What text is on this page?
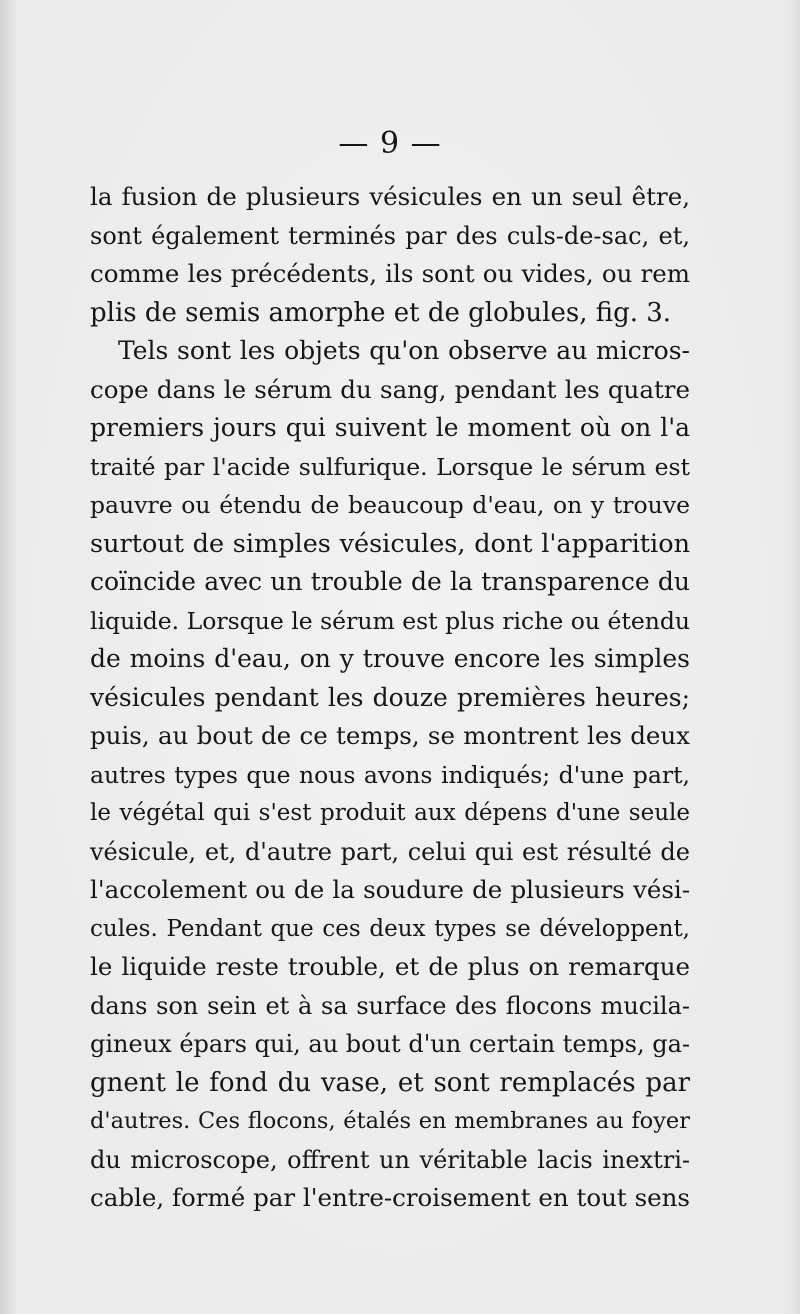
— 9 —
la fusion de plusieurs vésicules en un seul être,
sont également terminés par des culs-de-sac, et,
comme les précédents, ils sont ou vides, ou rem
plis de semis amorphe et de globules, fig. 3.
Tels sont les objets qu'on observe au micros-
cope dans le sérum du sang, pendant les quatre
premiers jours qui suivent le moment où on l'a
traité par l'acide sulfurique. Lorsque le sérum est
pauvre ou étendu de beaucoup d'eau, on y trouve
surtout de simples vésicules, dont l'apparition
coïncide avec un trouble de la transparence du
liquide. Lorsque le sérum est plus riche ou étendu
de moins d'eau, on y trouve encore les simples
vésicules pendant les douze premières heures;
puis, au bout de ce temps, se montrent les deux
autres types que nous avons indiqués; d'une part,
le végétal qui s'est produit aux dépens d'une seule
vésicule, et, d'autre part, celui qui est résulté de
l'accolement ou de la soudure de plusieurs vési-
cules. Pendant que ces deux types se développent,
le liquide reste trouble, et de plus on remarque
dans son sein et à sa surface des flocons mucila-
gineux épars qui, au bout d'un certain temps, ga-
gnent le fond du vase, et sont remplacés par
d'autres. Ces flocons, étalés en membranes au foyer
du microscope, offrent un véritable lacis inextri-
cable, formé par l'entre-croisement en tout sens
